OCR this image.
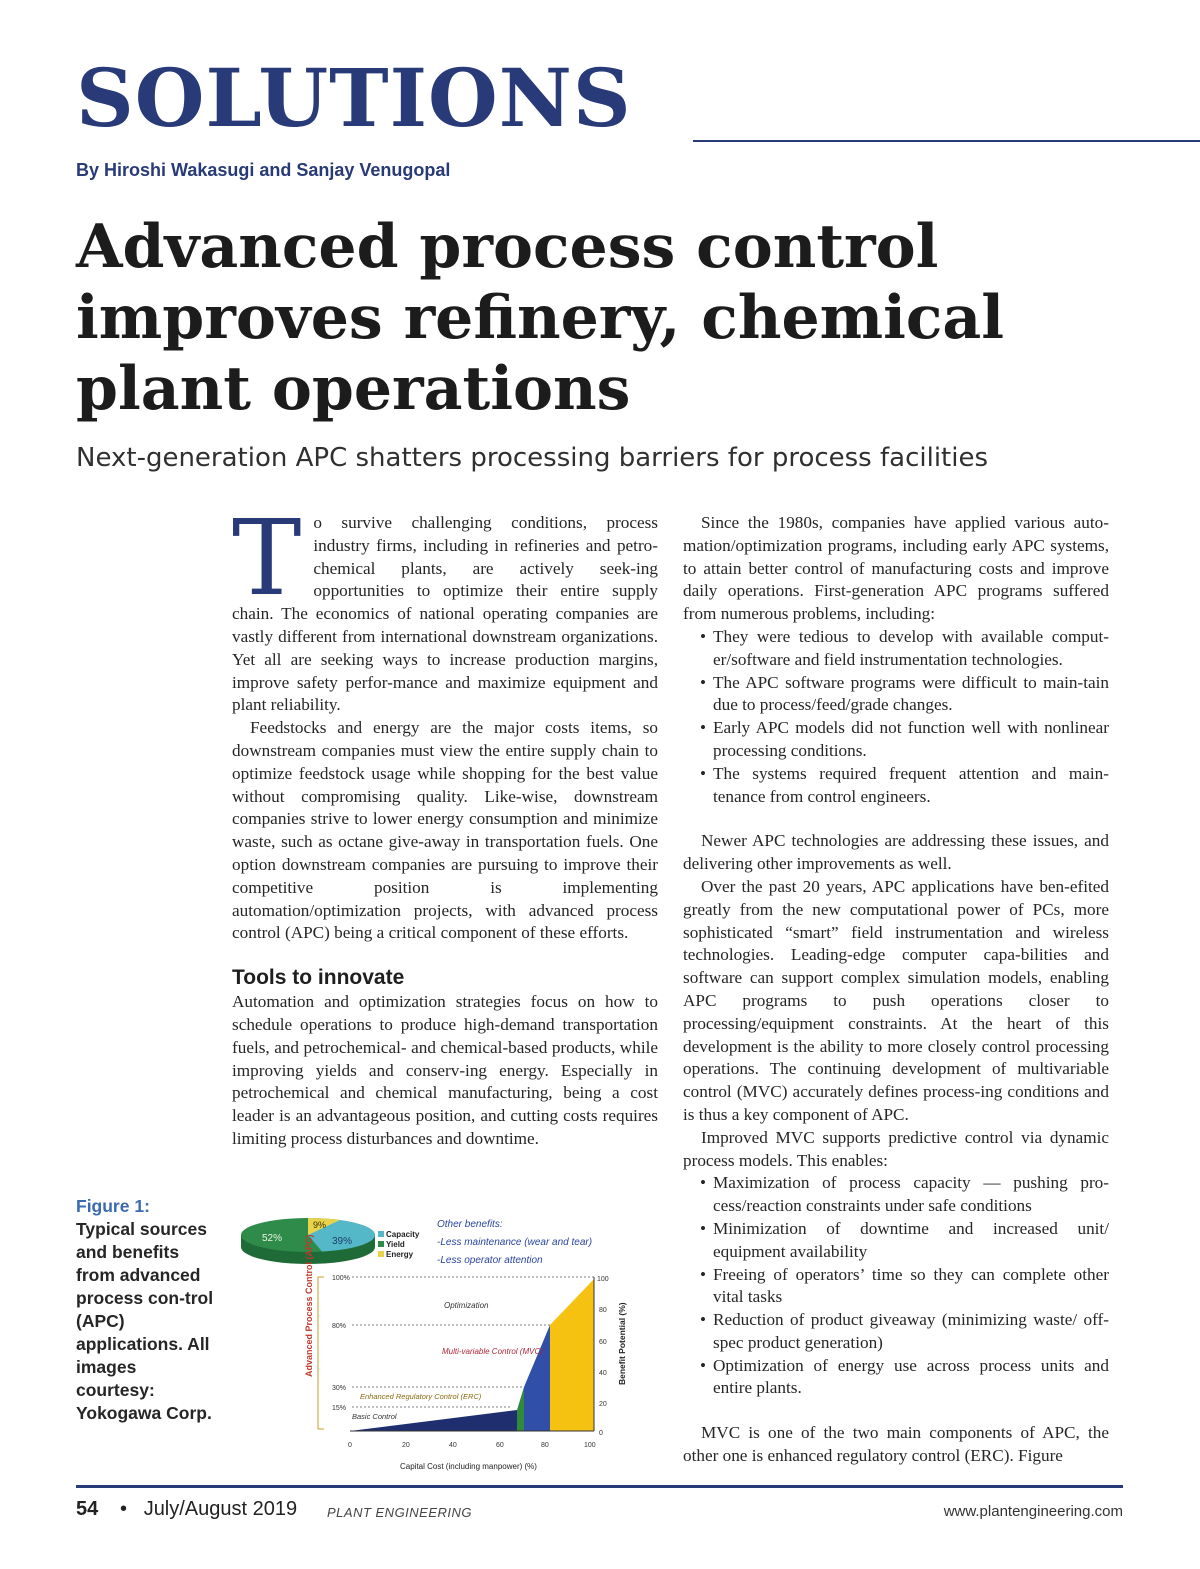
SOLUTIONS
By Hiroshi Wakasugi and Sanjay Venugopal
Advanced process control
improves refinery, chemical
plant operations
Next-generation APC shatters processing barriers for process facilities

To survive challenging conditions, process industry firms, including in refineries and petro-chemical plants, are actively seek-ing opportunities to optimize their entire supply chain. The economics of national operating companies are vastly different from international downstream organizations. Yet all are seeking ways to increase production margins, improve safety perfor-mance and maximize equipment and plant reliability.

Feedstocks and energy are the major costs items, so downstream companies must view the entire supply chain to optimize feedstock usage while shopping for the best value without compromising quality. Like-wise, downstream companies strive to lower energy consumption and minimize waste, such as octane give-away in transportation fuels. One option downstream companies are pursuing to improve their competitive position is implementing automation/optimization projects, with advanced process control (APC) being a critical component of these efforts.

Tools to innovate

Automation and optimization strategies focus on how to schedule operations to produce high-demand transportation fuels, and petrochemical- and chemical-based products, while improving yields and conserv-ing energy. Especially in petrochemical and chemical manufacturing, being a cost leader is an advantageous position, and cutting costs requires limiting process disturbances and downtime.

Since the 1980s, companies have applied various auto-mation/optimization programs, including early APC systems, to attain better control of manufacturing costs and improve daily operations. First-generation APC programs suffered from numerous problems, including:

• They were tedious to develop with available comput-er/software and field instrumentation technologies.
• The APC software programs were difficult to main-tain due to process/feed/grade changes.
• Early APC models did not function well with nonlinear processing conditions.
• The systems required frequent attention and main-tenance from control engineers.

Newer APC technologies are addressing these issues, and delivering other improvements as well.

Over the past 20 years, APC applications have ben-efited greatly from the new computational power of PCs, more sophisticated “smart” field instrumentation and wireless technologies. Leading-edge computer capa-bilities and software can support complex simulation models, enabling APC programs to push operations closer to processing/equipment constraints. At the heart of this development is the ability to more closely control processing operations. The continuing development of multivariable control (MVC) accurately defines process-ing conditions and is thus a key component of APC.

Improved MVC supports predictive control via dynamic process models. This enables:

• Maximization of process capacity — pushing pro-cess/reaction constraints under safe conditions
• Minimization of downtime and increased unit/ equipment availability
• Freeing of operators’ time so they can complete other vital tasks
• Reduction of product giveaway (minimizing waste/ off-spec product generation)
• Optimization of energy use across process units and entire plants.

MVC is one of the two main components of APC, the other one is enhanced regulatory control (ERC). Figure

Figure 1:
Typical sources and benefits from advanced process con-trol (APC) applications. All images courtesy: Yokogawa Corp.
52%	39%
9%
Capacity
Yield
Energy
Other benefits:
-Less maintenance (wear and tear)
-Less operator attention
100%
80%
30%
15%
Optimization
Multi-variable Control (MVC)
Enhanced Regulatory Control (ERC)
Basic Control
Advanced Process Control (APC)	Benefit Potential (%)
100
80
60
40
20
0
0	20	40	60	80	100
Capital Cost (including manpower) (%)
54 • July/August 2019 PLANT ENGINEERING	www.plantengineering.com
